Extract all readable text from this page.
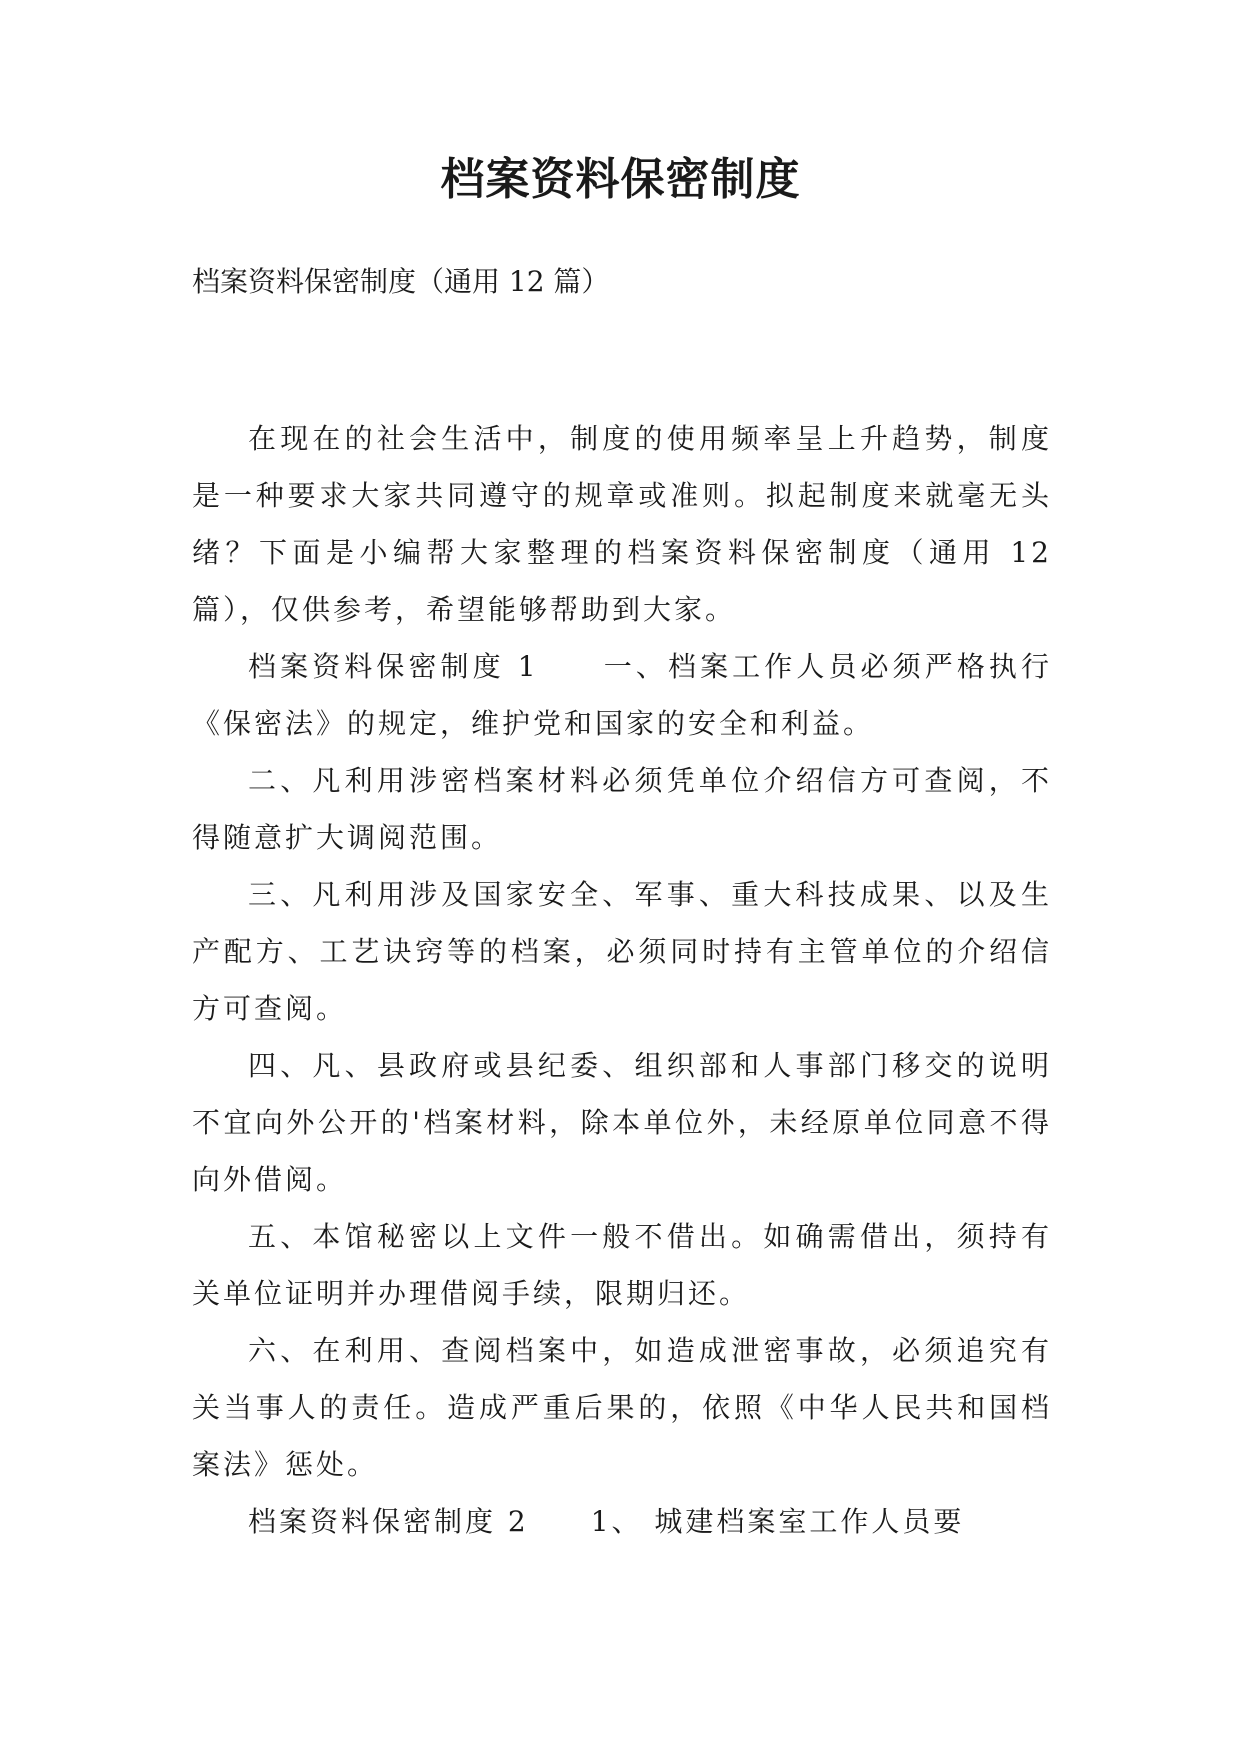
档案资料保密制度

档案资料保密制度（通用 12 篇）

在现在的社会生活中，制度的使用频率呈上升趋势，制度是一种要求大家共同遵守的规章或准则。拟起制度来就毫无头绪？下面是小编帮大家整理的档案资料保密制度（通用 12 篇），仅供参考，希望能够帮助到大家。

档案资料保密制度 1　　一、档案工作人员必须严格执行《保密法》的规定，维护党和国家的安全和利益。

二、凡利用涉密档案材料必须凭单位介绍信方可查阅，不得随意扩大调阅范围。

三、凡利用涉及国家安全、军事、重大科技成果、以及生产配方、工艺诀窍等的档案，必须同时持有主管单位的介绍信方可查阅。

四、凡、县政府或县纪委、组织部和人事部门移交的说明不宜向外公开的'档案材料，除本单位外，未经原单位同意不得向外借阅。

五、本馆秘密以上文件一般不借出。如确需借出，须持有关单位证明并办理借阅手续，限期归还。

六、在利用、查阅档案中，如造成泄密事故，必须追究有关当事人的责任。造成严重后果的，依照《中华人民共和国档案法》惩处。

档案资料保密制度 2　　1、 城建档案室工作人员要
